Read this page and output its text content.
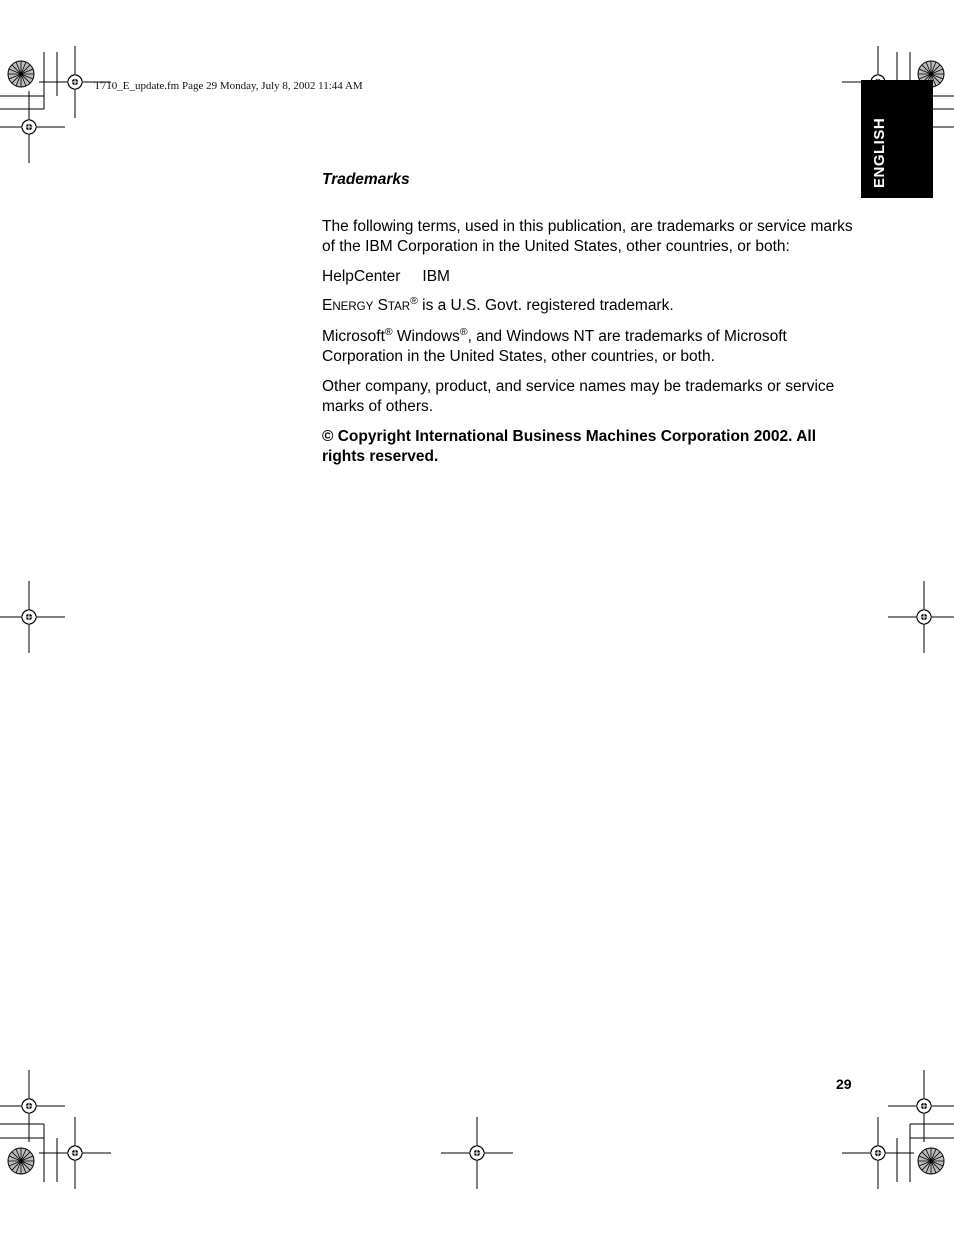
T710_E_update.fm Page 29 Monday, July 8, 2002 11:44 AM
ENGLISH

Trademarks

The following terms, used in this publication, are trademarks or service marks of the IBM Corporation in the United States, other countries, or both:

HelpCenter IBM

ENERGY STAR® is a U.S. Govt. registered trademark.

Microsoft® Windows®, and Windows NT are trademarks of Microsoft Corporation in the United States, other countries, or both.

Other company, product, and service names may be trademarks or service marks of others.

© Copyright International Business Machines Corporation 2002. All rights reserved.

29
